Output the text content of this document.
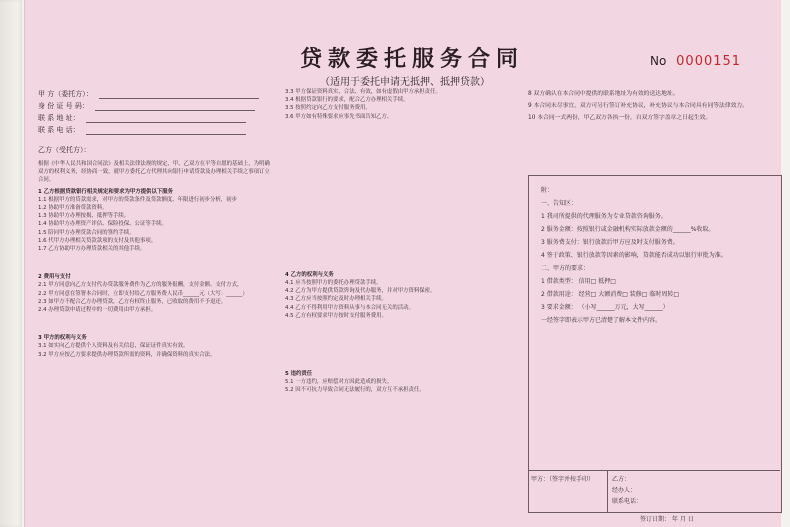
贷款委托服务合同
（适用于委托申请无抵押、抵押贷款）
No 0000151
甲 方（委托方）：
身 份 证 号 码：
联 系 地 址：
联 系 电 话：
乙方（受托方）：

根据《中华人民共和国合同法》及相关法律法规的规定，甲、乙双方在平等自愿的基础上，为明确双方的权利义务，经协商一致，就甲方委托乙方代理其向银行申请贷款及办理相关手续之事项订立合同。

1 乙方根据贷款银行相关规定和要求为甲方提供以下服务

1.1 根据甲方的贷款需求，对甲方的贷款条件及贷款额度、年限进行初步分析，初步

1.2 协助甲方准备贷款资料。

1.3 协助甲方办理按揭、抵押等手续。

1.4 协助甲方办理资产评估、保险投保、公证等手续。

1.5 陪同甲方办理贷款合同的签约手续。

1.6 代甲方办理相关贷款款项的支付及其他事项。

1.7 乙方协助甲方办理贷款相关的其他手续。

2 费用与支付

2.1 甲方同意向乙方支付代办贷款服务费作为乙方的服务报酬，支付金额、支付方式，

2.2 甲方同意在签署本合同时，立即支付给乙方服务费人民币______元（大写：______）

2.3 如甲方不配合乙方办理贷款，乙方有权终止服务，已收取的费用不予退还。

2.4 办理贷款申请过程中的一切费用由甲方承担。

3 甲方的权利与义务

3.1 如实向乙方提供个人资料及有关信息，保证证件真实有效。

3.2 甲方应按乙方要求提供办理贷款所需的资料，并确保资料的真实合法。

3.3 甲方保证资料真实、合法、有效，如有虚假由甲方承担责任。

3.4 根据贷款银行的要求，配合乙方办理相关手续。

3.5 按照约定向乙方支付服务费用。

3.6 甲方如有特殊要求应事先书面告知乙方。

4 乙方的权利与义务

4.1 应当按照甲方的委托办理贷款手续。

4.2 乙方为甲方提供贷款咨询及代办服务，并对甲方资料保密。

4.3 乙方应当按照约定及时办理相关手续。

4.4 乙方不得利用甲方资料从事与本合同无关的活动。

4.5 乙方有权要求甲方按时支付服务费用。

5 违约责任

5.1 一方违约，应赔偿对方因此造成的损失。

5.2 因不可抗力导致合同无法履行的，双方互不承担责任。

8 双方确认在本合同中提供的联系地址为有效的送达地址。

9 本合同未尽事宜，双方可另行签订补充协议，补充协议与本合同具有同等法律效力。

10 本合同一式两份，甲乙双方各执一份，自双方签字盖章之日起生效。

附：

一、告知区：

1 我司所提供的代理服务为专业贷款咨询服务。

2 服务金额：按照银行或金融机构实际放款金额的______%收取。

3 服务费支付：银行放款后甲方应及时支付服务费。

4 签于政策、银行放款等因素的影响，贷款能否成功以银行审批为准。

二、甲方的要求：

1 借款类型： 信用□ 抵押□

2 借款用途： 经营□ 大额消费□ 装修□ 临时周转□

3 要求金额： （小写______万元，大写______）

一经签字即表示甲方已清楚了解本文件内容。

甲方：（签字并按手印）	乙方：
经办人：
联系电话：
签订日期： 年 月 日
